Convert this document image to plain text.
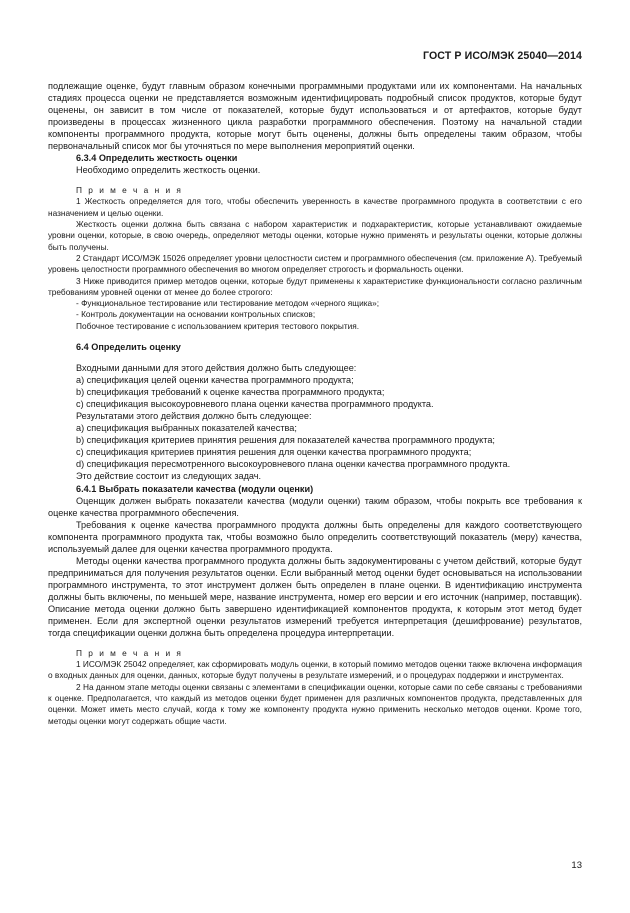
ГОСТ Р ИСО/МЭК 25040—2014

подлежащие оценке, будут главным образом конечными программными продуктами или их компонентами. На начальных стадиях процесса оценки не представляется возможным идентифицировать подробный список продуктов, которые будут оценены, он зависит в том числе от показателей, которые будут использоваться и от артефактов, которые будут произведены в процессах жизненного цикла разработки программного обеспечения. Поэтому на начальной стадии компоненты программного продукта, которые могут быть оценены, должны быть определены таким образом, чтобы первоначальный список мог бы уточняться по мере выполнения мероприятий оценки.

6.3.4 Определить жесткость оценки

Необходимо определить жесткость оценки.

П р и м е ч а н и я

1 Жесткость определяется для того, чтобы обеспечить уверенность в качестве программного продукта в соответствии с его назначением и целью оценки.

Жесткость оценки должна быть связана с набором характеристик и подхарактеристик, которые устанавливают ожидаемые уровни оценки, которые, в свою очередь, определяют методы оценки, которые нужно применять и результаты оценки, которые должны быть получены.

2 Стандарт ИСО/МЭК 15026 определяет уровни целостности систем и программного обеспечения (см. приложение А). Требуемый уровень целостности программного обеспечения во многом определяет строгость и формальность оценки.

3 Ниже приводится пример методов оценки, которые будут применены к характеристике функциональности согласно различным требованиям уровней оценки от менее до более строгого:

- Функциональное тестирование или тестирование методом «черного ящика»;

- Контроль документации на основании контрольных списков;

Побочное тестирование с использованием критерия тестового покрытия.

6.4 Определить оценку

Входными данными для этого действия должно быть следующее:

а) спецификация целей оценки качества программного продукта;

b) спецификация требований к оценке качества программного продукта;

с) спецификация высокоуровневого плана оценки качества программного продукта.

Результатами этого действия должно быть следующее:

а) спецификация выбранных показателей качества;

b) спецификация критериев принятия решения для показателей качества программного продукта;

с) спецификация критериев принятия решения для оценки качества программного продукта;

d) спецификация пересмотренного высокоуровневого плана оценки качества программного продукта.

Это действие состоит из следующих задач.

6.4.1 Выбрать показатели качества (модули оценки)

Оценщик должен выбрать показатели качества (модули оценки) таким образом, чтобы покрыть все требования к оценке качества программного обеспечения.

Требования к оценке качества программного продукта должны быть определены для каждого соответствующего компонента программного продукта так, чтобы возможно было определить соответствующий показатель (меру) качества, используемый далее для оценки качества программного продукта.

Методы оценки качества программного продукта должны быть задокументированы с учетом действий, которые будут предприниматься для получения результатов оценки. Если выбранный метод оценки будет основываться на использовании программного инструмента, то этот инструмент должен быть определен в плане оценки. В идентификацию инструмента должны быть включены, по меньшей мере, название инструмента, номер его версии и его источник (например, поставщик). Описание метода оценки должно быть завершено идентификацией компонентов продукта, к которым этот метод будет применен. Если для экспертной оценки результатов измерений требуется интерпретация (дешифрование) результатов, тогда спецификации оценки должна быть определена процедура интерпретации.

П р и м е ч а н и я

1 ИСО/МЭК 25042 определяет, как сформировать модуль оценки, в который помимо методов оценки также включена информация о входных данных для оценки, данных, которые будут получены в результате измерений, и о процедурах поддержки и инструментах.

2 На данном этапе методы оценки связаны с элементами в спецификации оценки, которые сами по себе связаны с требованиями к оценке. Предполагается, что каждый из методов оценки будет применен для различных компонентов продукта, представленных для оценки. Может иметь место случай, когда к тому же компоненту продукта нужно применить несколько методов оценки. Кроме того, методы оценки могут содержать общие части.

13
